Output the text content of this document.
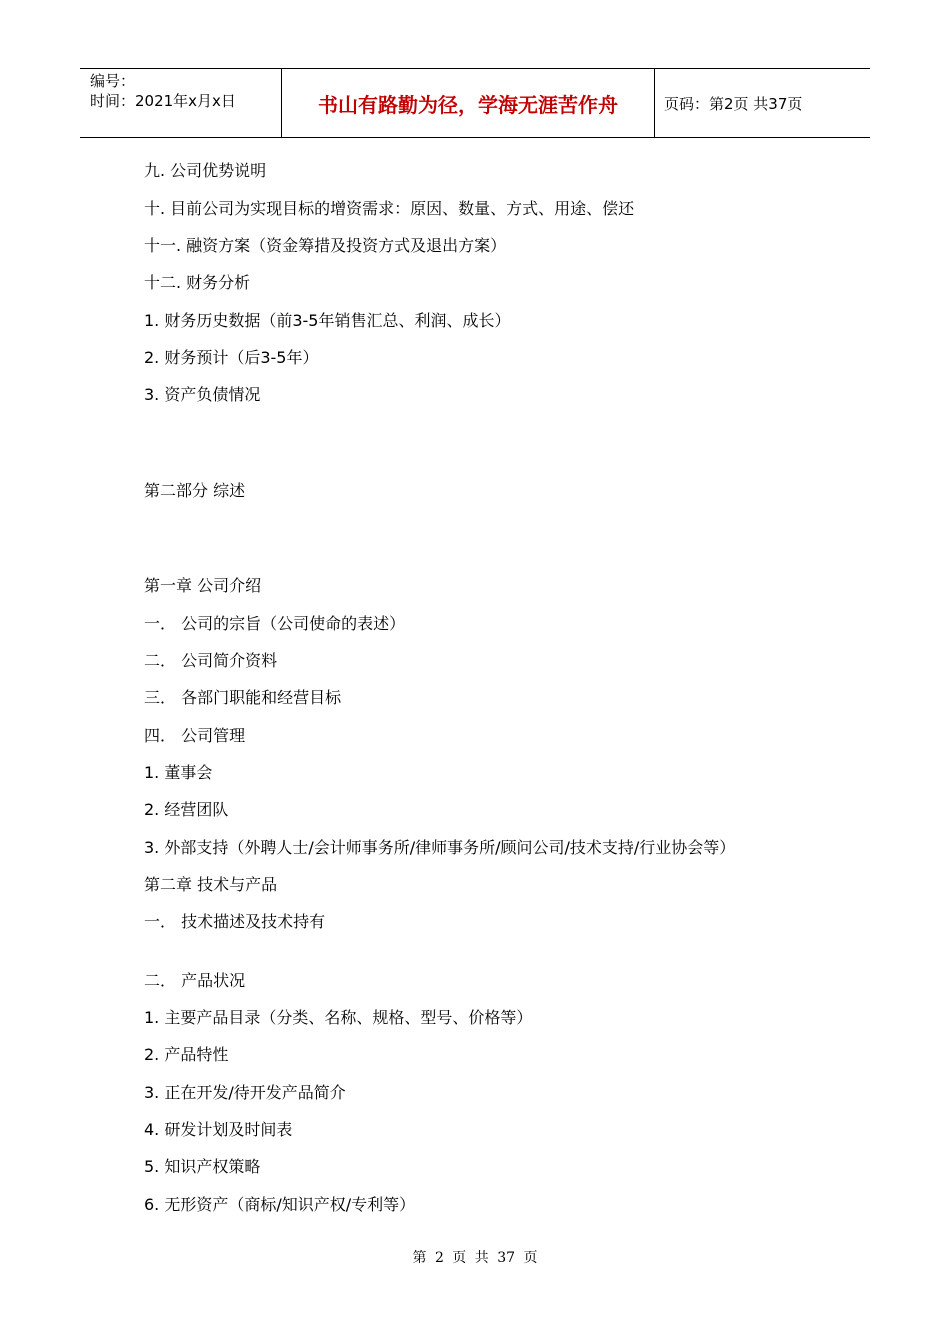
编号：
时间：2021年x月x日	书山有路勤为径，学海无涯苦作舟	页码：第2页 共37页
九. 公司优势说明
十. 目前公司为实现目标的增资需求：原因、数量、方式、用途、偿还
十一. 融资方案（资金筹措及投资方式及退出方案）
十二. 财务分析
1. 财务历史数据（前3-5年销售汇总、利润、成长）
2. 财务预计（后3-5年）
3. 资产负债情况
第二部分 综述
第一章 公司介绍
一． 公司的宗旨（公司使命的表述）
二． 公司简介资料
三． 各部门职能和经营目标
四． 公司管理
1. 董事会
2. 经营团队
3. 外部支持（外聘人士/会计师事务所/律师事务所/顾问公司/技术支持/行业协会等）
第二章 技术与产品
一． 技术描述及技术持有
二． 产品状况
1. 主要产品目录（分类、名称、规格、型号、价格等）
2. 产品特性
3. 正在开发/待开发产品简介
4. 研发计划及时间表
5. 知识产权策略
6. 无形资产（商标/知识产权/专利等）
第 2 页 共 37 页
